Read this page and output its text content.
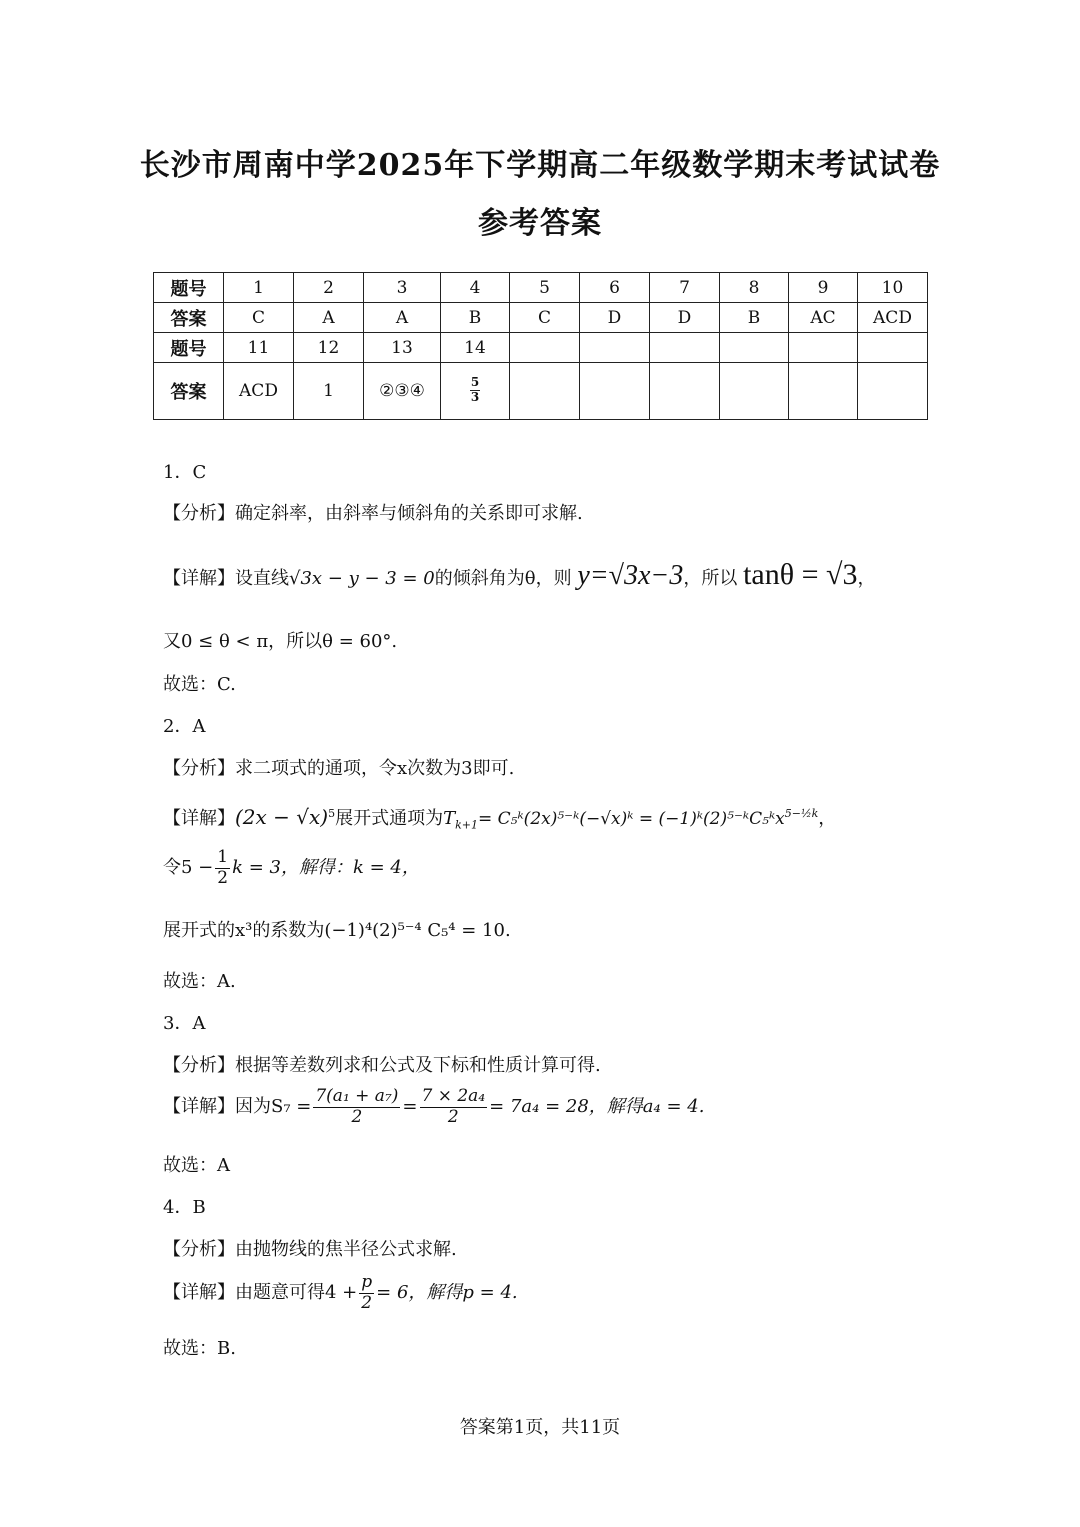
长沙市周南中学2025年下学期高二年级数学期末考试试卷
参考答案
题号	1	2	3	4	5	6	7	8	9	10
答案	C	A	A	B	C	D	D	B	AC	ACD
题号	11	12	13	14						
答案	ACD	1	②③④	$\frac{5}{3}$

1．C
【分析】确定斜率，由斜率与倾斜角的关系即可求解.
【详解】设直线√3x − y − 3 = 0的倾斜角为θ，则 y=√3x−3，所以 tanθ = √3，
又0 ≤ θ < π，所以θ = 60°.
故选：C.
2．A
【分析】求二项式的通项，令x次数为3即可.
【详解】$(2x - √x)^5$展开式通项为$T_{k+1}=$ C₅ᵏ(2x)⁵⁻ᵏ(−√x)ᵏ = (−1)ᵏ(2)⁵⁻ᵏC₅ᵏx$^{5-\frac{1}{2}k}$，
令$5 - \frac{1}{2}$ k = 3，解得：k = 4，
展开式的x³的系数为(−1)⁴(2)⁵⁻⁴ C₅⁴ = 10.
故选：A.
3．A
【分析】根据等差数列求和公式及下标和性质计算可得.
【详解】因为$S_7 = \frac{\text{7(a₁ + a₇)}}{2} = \frac{\text{7 × 2a₄}}{2} = 7a_4 = 28$，解得a₄ = 4.
故选：A
4．B
【分析】由抛物线的焦半径公式求解.
【详解】由题意可得$4 + \frac{p}{2} = 6$，解得p = 4.
故选：B.
答案第1页，共11页
